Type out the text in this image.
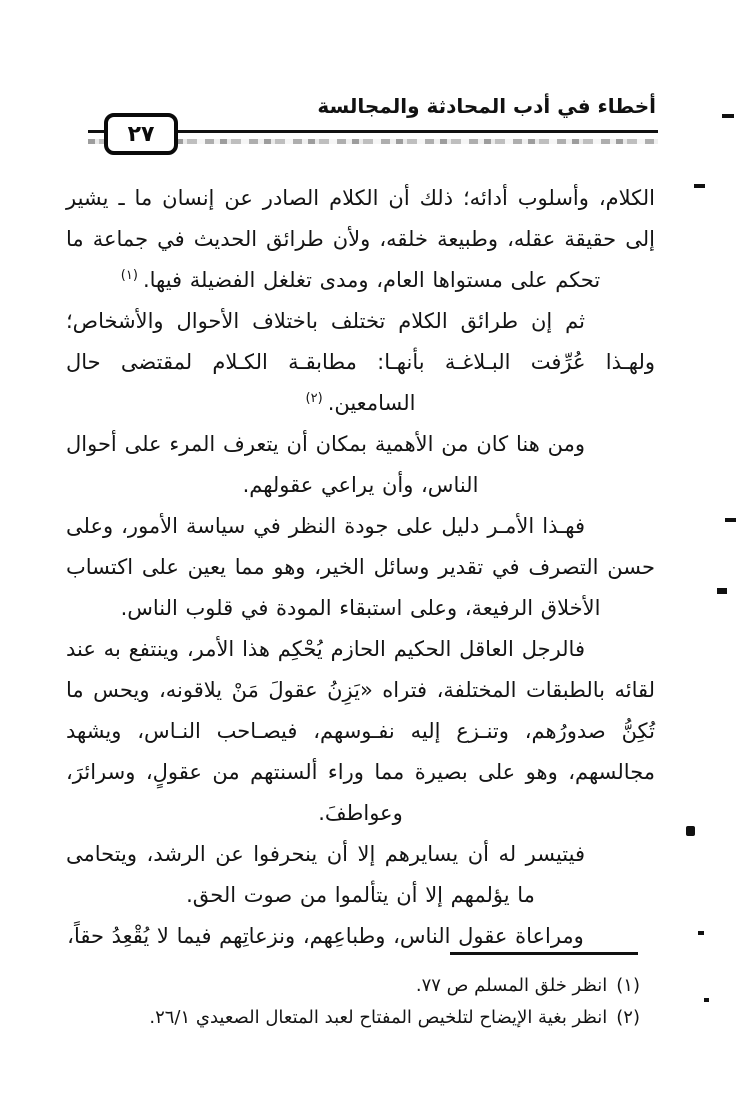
أخطاء في أدب المحادثة والمجالسة
٢٧

الكلام، وأسلوب أدائه؛ ذلك أن الكلام الصادر عن إنسان ما ـ يشير إلى حقيقة عقله، وطبيعة خلقه، ولأن طرائق الحديث في جماعة ما تحكم على مستواها العام، ومدى تغلغل الفضيلة فيها.$^{(١)}$

ثم إن طرائق الكلام تختلف باختلاف الأحوال والأشخاص؛ ولهـذا عُرِّفت البـلاغـة بأنهـا: مطابقـة الكـلام لمقتضى حال السامعين.$^{(٢)}$

ومن هنا كان من الأهمية بمكان أن يتعرف المرء على أحوال الناس، وأن يراعي عقولهم.

فهـذا الأمـر دليل على جودة النظر في سياسة الأمور، وعلى حسن التصرف في تقدير وسائل الخير، وهو مما يعين على اكتساب الأخلاق الرفيعة، وعلى استبقاء المودة في قلوب الناس.

فالرجل العاقل الحكيم الحازم يُحْكِم هذا الأمر، وينتفع به عند لقائه بالطبقات المختلفة، فتراه «يَزِنُ عقولَ مَنْ يلاقونه، ويحس ما تُكِنُّ صدورُهم، وتنـزع إليه نفـوسهم، فيصـاحب النـاس، ويشهد مجالسهم، وهو على بصيرة مما وراء ألسنتهم من عقولٍ، وسرائرَ، وعواطفَ.

فيتيسر له أن يسايرهم إلا أن ينحرفوا عن الرشد، ويتحامى ما يؤلمهم إلا أن يتألموا من صوت الحق.

ومراعاة عقول الناس، وطباعِهم، ونزعاتِهم فيما لا يُقْعِدُ حقاً،

(١)
انظر خلق المسلم ص ٧٧.
(٢)
انظر بغية الإيضاح لتلخيص المفتاح لعبد المتعال الصعيدي ٢٦/١.
